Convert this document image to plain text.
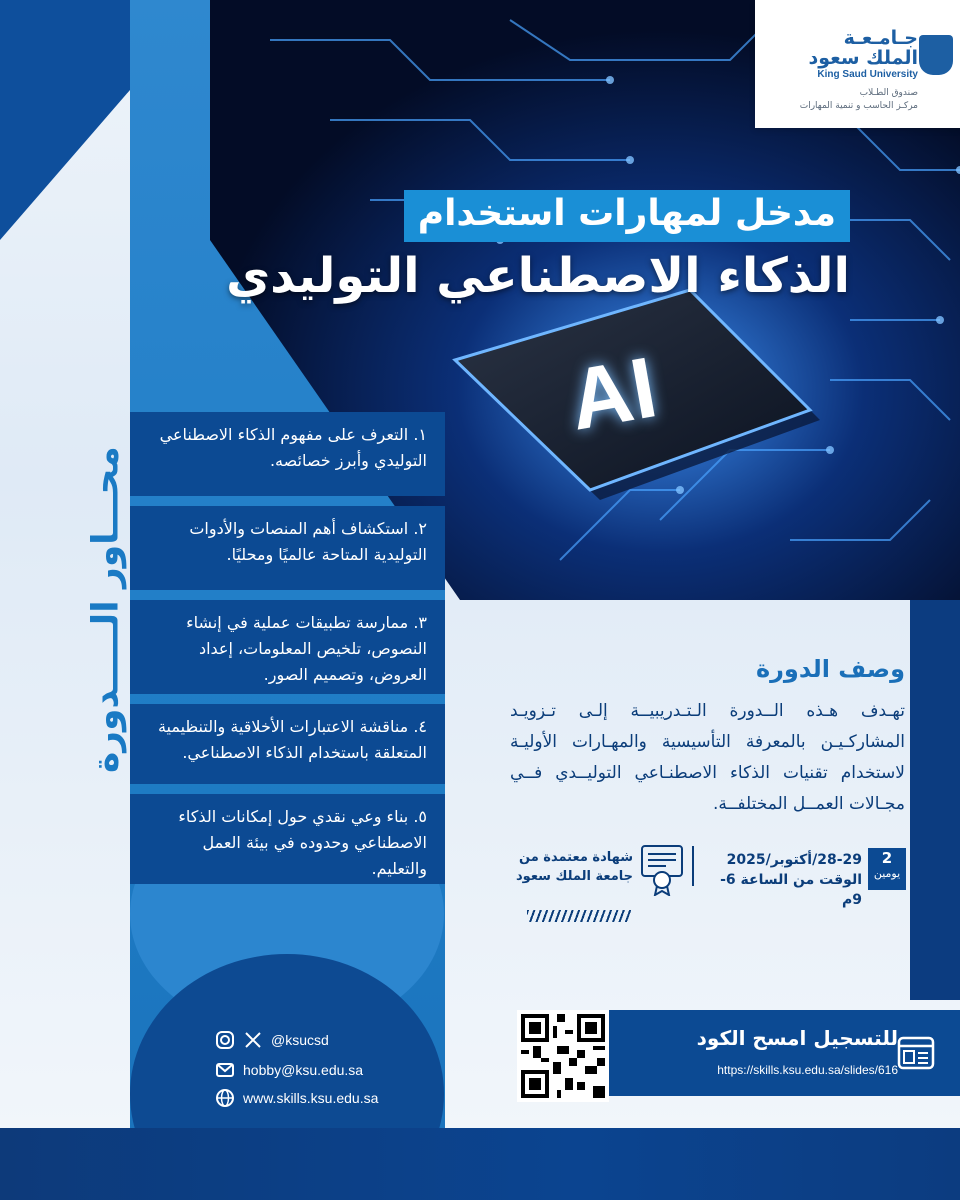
AI
جـامـعـة
الملك سعود
King Saud University
صندوق الطـلاب
مركـز الحاسب و تنمية المهارات
مدخل لمهارات استخدام
الذكاء الاصطناعي التوليدي
محـــاور الـــــدورة
١. التعرف على مفهوم الذكاء الاصطناعي التوليدي وأبرز خصائصه.
٢. استكشاف أهم المنصات والأدوات التوليدية المتاحة عالميًا ومحليًا.
٣. ممارسة تطبيقات عملية في إنشاء النصوص، تلخيص المعلومات، إعداد العروض، وتصميم الصور.
٤. مناقشة الاعتبارات الأخلاقية والتنظيمية المتعلقة باستخدام الذكاء الاصطناعي.
٥. بناء وعي نقدي حول إمكانات الذكاء الاصطناعي وحدوده في بيئة العمل والتعليم.
@ksucsd
hobby@ksu.edu.sa
www.skills.ksu.edu.sa
وصف الدورة
تهـدف هـذه الــدورة الـتـدريبيــة إلـى تـزويـد المشاركـيـن بالمعرفة التأسيسية والمهـارات الأوليـة لاستخدام تقنيات الذكاء الاصطنـاعي التوليــدي فــي مجـالات العمــل المختلفــة.
2
يومين
28-29/أكتوبر/2025
الوقت من الساعة 6-9م
شهادة معتمدة من
جامعة الملك سعود
للتسجيل امسح الكود
https://skills.ksu.edu.sa/slides/616
